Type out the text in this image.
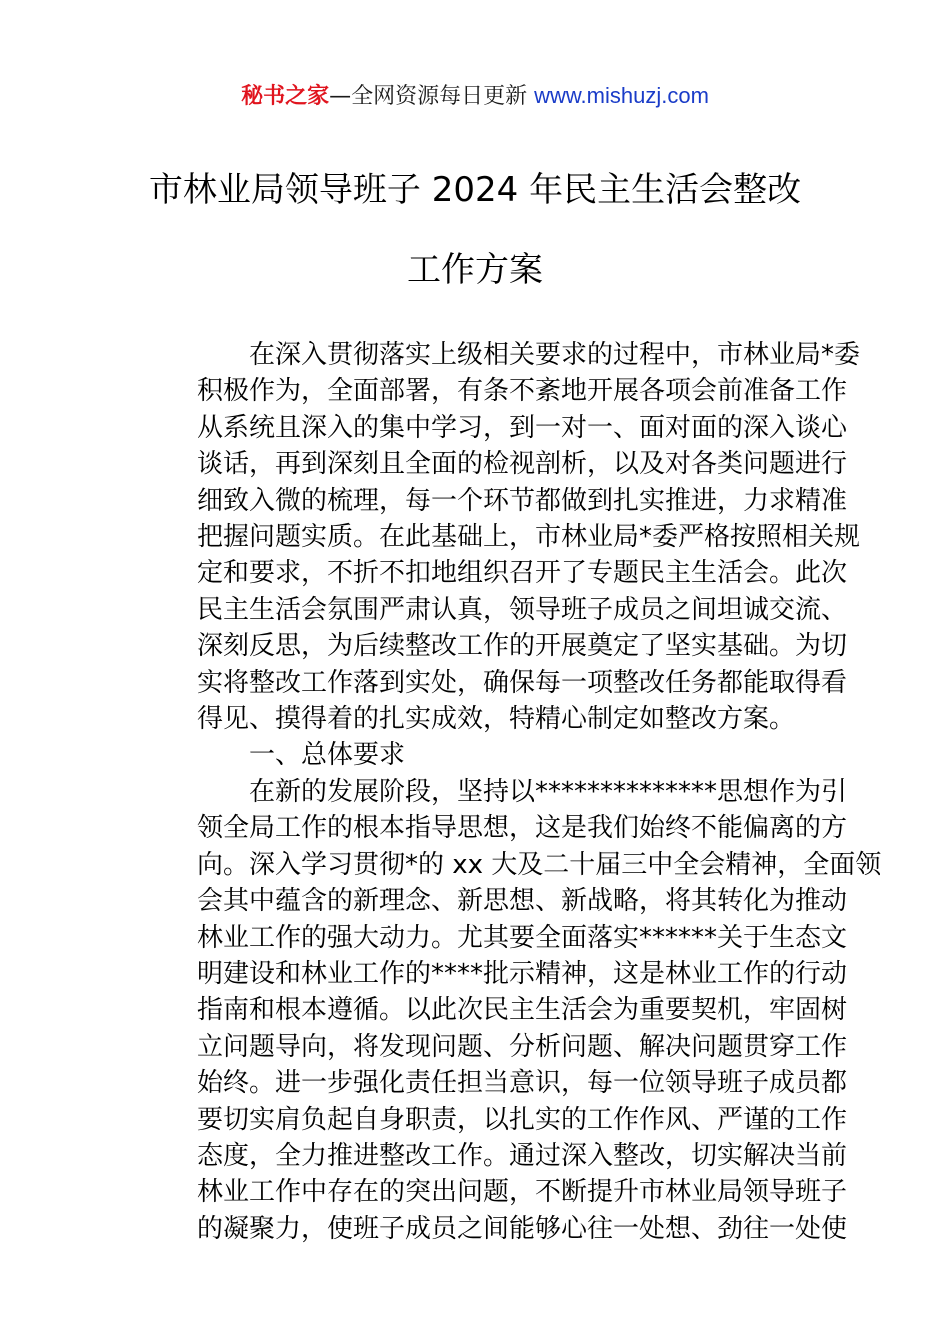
秘书之家—全网资源每日更新 www.mishuzj.com
市林业局领导班子 2024 年民主生活会整改
工作方案
在深入贯彻落实上级相关要求的过程中，市林业局*委
积极作为，全面部署，有条不紊地开展各项会前准备工作
从系统且深入的集中学习，到一对一、面对面的深入谈心
谈话，再到深刻且全面的检视剖析，以及对各类问题进行
细致入微的梳理，每一个环节都做到扎实推进，力求精准
把握问题实质。在此基础上，市林业局*委严格按照相关规
定和要求，不折不扣地组织召开了专题民主生活会。此次
民主生活会氛围严肃认真，领导班子成员之间坦诚交流、
深刻反思，为后续整改工作的开展奠定了坚实基础。为切
实将整改工作落到实处，确保每一项整改任务都能取得看
得见、摸得着的扎实成效，特精心制定如整改方案。
一、总体要求
在新的发展阶段，坚持以**************思想作为引
领全局工作的根本指导思想，这是我们始终不能偏离的方
向。深入学习贯彻*的 xx 大及二十届三中全会精神，全面领
会其中蕴含的新理念、新思想、新战略，将其转化为推动
林业工作的强大动力。尤其要全面落实******关于生态文
明建设和林业工作的****批示精神，这是林业工作的行动
指南和根本遵循。以此次民主生活会为重要契机，牢固树
立问题导向，将发现问题、分析问题、解决问题贯穿工作
始终。进一步强化责任担当意识，每一位领导班子成员都
要切实肩负起自身职责，以扎实的工作作风、严谨的工作
态度，全力推进整改工作。通过深入整改，切实解决当前
林业工作中存在的突出问题，不断提升市林业局领导班子
的凝聚力，使班子成员之间能够心往一处想、劲往一处使
